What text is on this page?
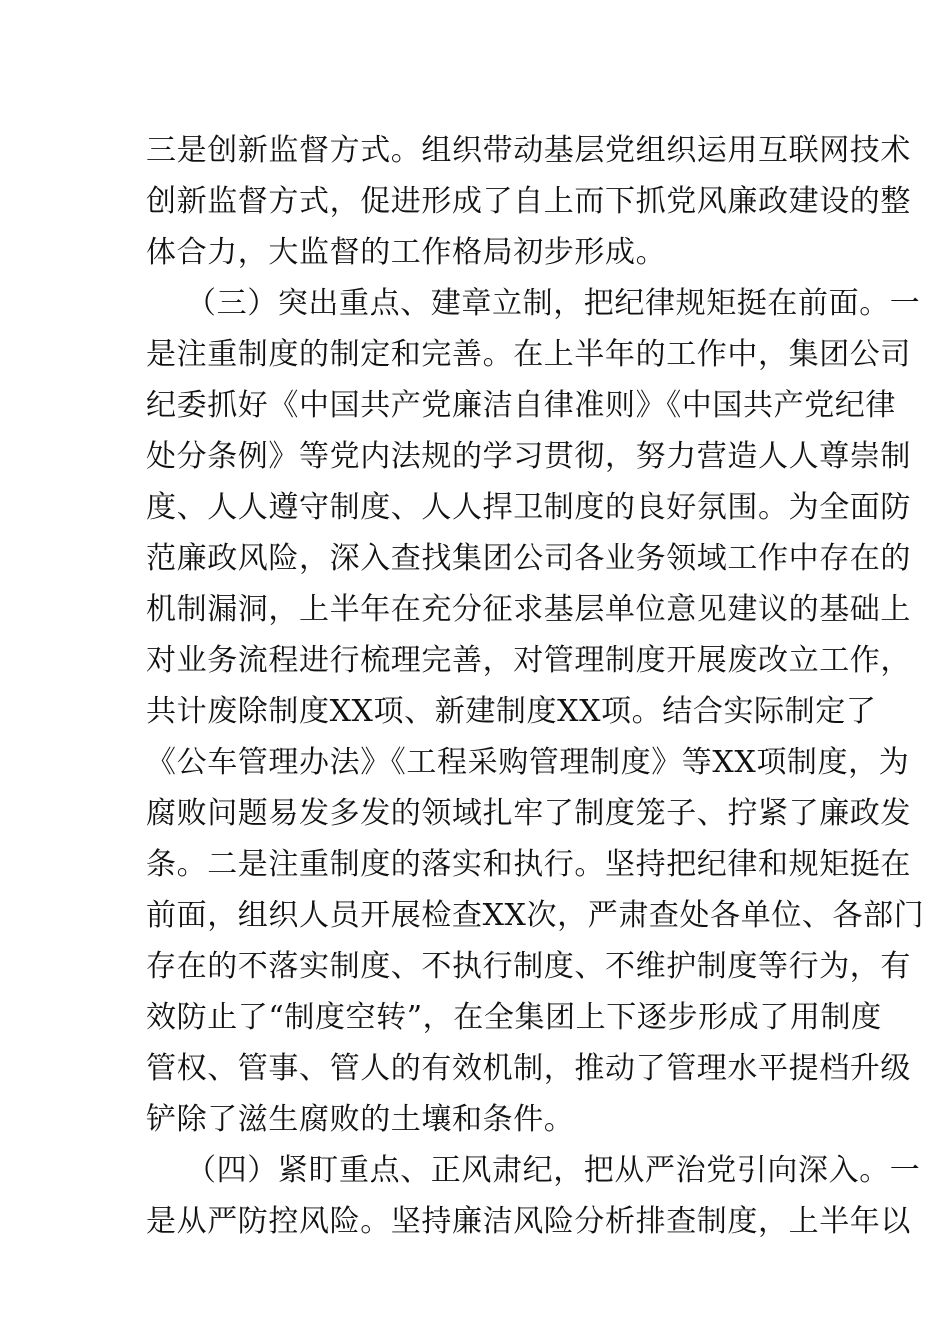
三是创新监督方式。组织带动基层党组织运用互联网技术
创新监督方式，促进形成了自上而下抓党风廉政建设的整
体合力，大监督的工作格局初步形成。
（三）突出重点、建章立制，把纪律规矩挺在前面。一
是注重制度的制定和完善。在上半年的工作中，集团公司
纪委抓好《中国共产党廉洁自律准则》《中国共产党纪律
处分条例》等党内法规的学习贯彻，努力营造人人尊崇制
度、人人遵守制度、人人捍卫制度的良好氛围。为全面防
范廉政风险，深入查找集团公司各业务领域工作中存在的
机制漏洞，上半年在充分征求基层单位意见建议的基础上
对业务流程进行梳理完善，对管理制度开展废改立工作，
共计废除制度XX项、新建制度XX项。结合实际制定了
《公车管理办法》《工程采购管理制度》等XX项制度，为
腐败问题易发多发的领域扎牢了制度笼子、拧紧了廉政发
条。二是注重制度的落实和执行。坚持把纪律和规矩挺在
前面，组织人员开展检查XX次，严肃查处各单位、各部门
存在的不落实制度、不执行制度、不维护制度等行为，有
效防止了“制度空转”，在全集团上下逐步形成了用制度
管权、管事、管人的有效机制，推动了管理水平提档升级
铲除了滋生腐败的土壤和条件。
（四）紧盯重点、正风肃纪，把从严治党引向深入。一
是从严防控风险。坚持廉洁风险分析排查制度，上半年以
